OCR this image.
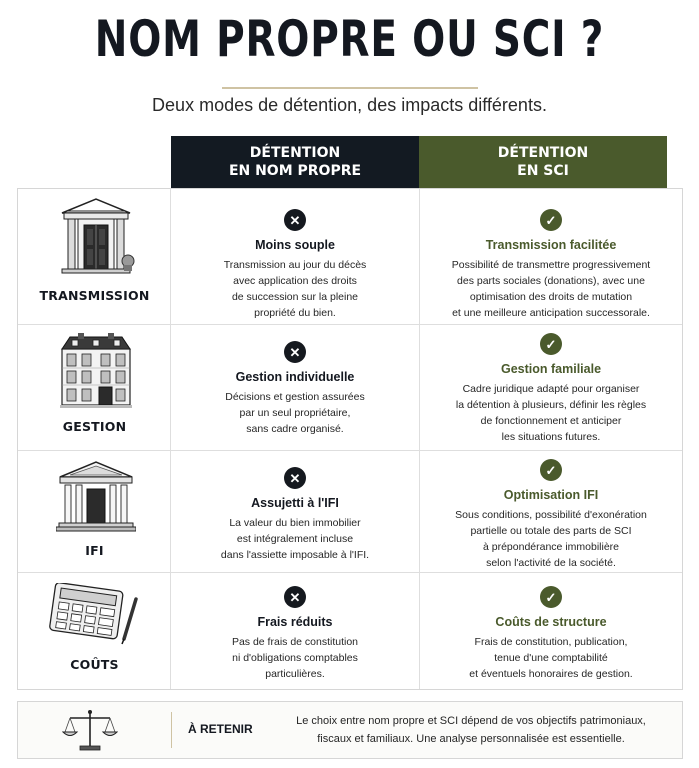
NOM PROPRE OU SCI ?
Deux modes de détention, des impacts différents.
DÉTENTION
EN NOM PROPRE
DÉTENTION
EN SCI
TRANSMISSION
✕
Moins souple
Transmission au jour du décès
avec application des droits
de succession sur la pleine
propriété du bien.
✓
Transmission facilitée
Possibilité de transmettre progressivement
des parts sociales (donations), avec une
optimisation des droits de mutation
et une meilleure anticipation successorale.
GESTION
✕
Gestion individuelle
Décisions et gestion assurées
par un seul propriétaire,
sans cadre organisé.
✓
Gestion familiale
Cadre juridique adapté pour organiser
la détention à plusieurs, définir les règles
de fonctionnement et anticiper
les situations futures.
IFI
✕
Assujetti à l'IFI
La valeur du bien immobilier
est intégralement incluse
dans l'assiette imposable à l'IFI.
✓
Optimisation IFI
Sous conditions, possibilité d'exonération
partielle ou totale des parts de SCI
à prépondérance immobilière
selon l'activité de la société.
COÛTS
✕
Frais réduits
Pas de frais de constitution
ni d'obligations comptables
particulières.
✓
Coûts de structure
Frais de constitution, publication,
tenue d'une comptabilité
et éventuels honoraires de gestion.
À RETENIR
Le choix entre nom propre et SCI dépend de vos objectifs patrimoniaux,
fiscaux et familiaux. Une analyse personnalisée est essentielle.
